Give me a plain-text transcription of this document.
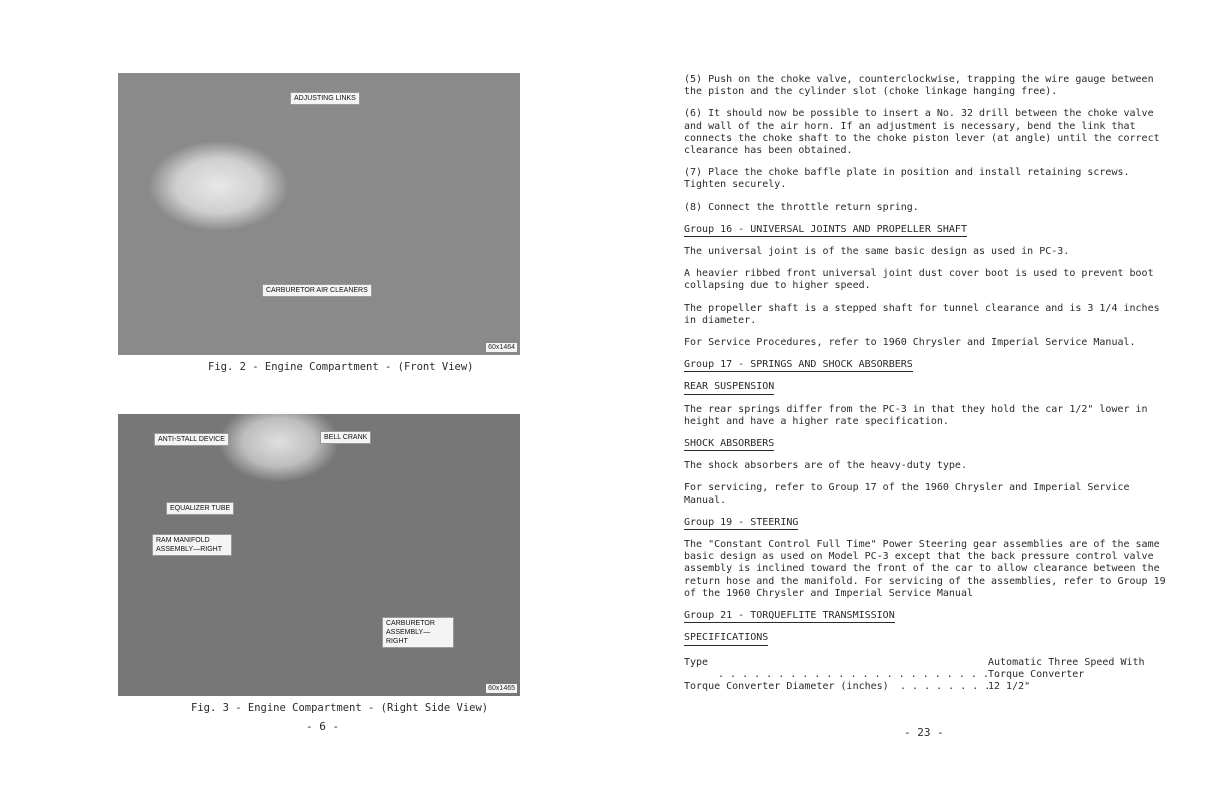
ADJUSTING LINKS
CARBURETOR AIR CLEANERS
60x1464
Fig. 2 - Engine Compartment - (Front View)
ANTI-STALL DEVICE	BELL CRANK
EQUALIZER TUBE
RAM MANIFOLD ASSEMBLY—RIGHT
CARBURETOR ASSEMBLY—RIGHT
60x1465
Fig. 3 - Engine Compartment - (Right Side View)
- 6 -

(5) Push on the choke valve, counterclockwise, trapping the wire gauge between the piston and the cylinder slot (choke linkage hanging free).

(6) It should now be possible to insert a No. 32 drill between the choke valve and wall of the air horn. If an adjustment is necessary, bend the link that connects the choke shaft to the choke piston lever (at angle) until the correct clearance has been obtained.

(7) Place the choke baffle plate in position and install retaining screws. Tighten securely.

(8) Connect the throttle return spring.

Group 16 - UNIVERSAL JOINTS AND PROPELLER SHAFT

The universal joint is of the same basic design as used in PC-3.

A heavier ribbed front universal joint dust cover boot is used to prevent boot collapsing due to higher speed.

The propeller shaft is a stepped shaft for tunnel clearance and is 3 1/4 inches in diameter.

For Service Procedures, refer to 1960 Chrysler and Imperial Service Manual.

Group 17 - SPRINGS AND SHOCK ABSORBERS
REAR SUSPENSION

The rear springs differ from the PC-3 in that they hold the car 1/2" lower in height and have a higher rate specification.

SHOCK ABSORBERS

The shock absorbers are of the heavy-duty type.

For servicing, refer to Group 17 of the 1960 Chrysler and Imperial Service Manual.

Group 19 - STEERING

The "Constant Control Full Time" Power Steering gear assemblies are of the same basic design as used on Model PC-3 except that the back pressure control valve assembly is inclined toward the front of the car to allow clearance between the return hose and the manifold. For servicing of the assemblies, refer to Group 19 of the 1960 Chrysler and Imperial Service Manual

Group 21 - TORQUEFLITE TRANSMISSION
SPECIFICATIONS
Type
. . . . . . . . . . . . . . . . . . . . . . . .
Automatic Three Speed With
Torque Converter
Torque Converter Diameter (inches) . . . . . . . .
12 1/2"
- 23 -
